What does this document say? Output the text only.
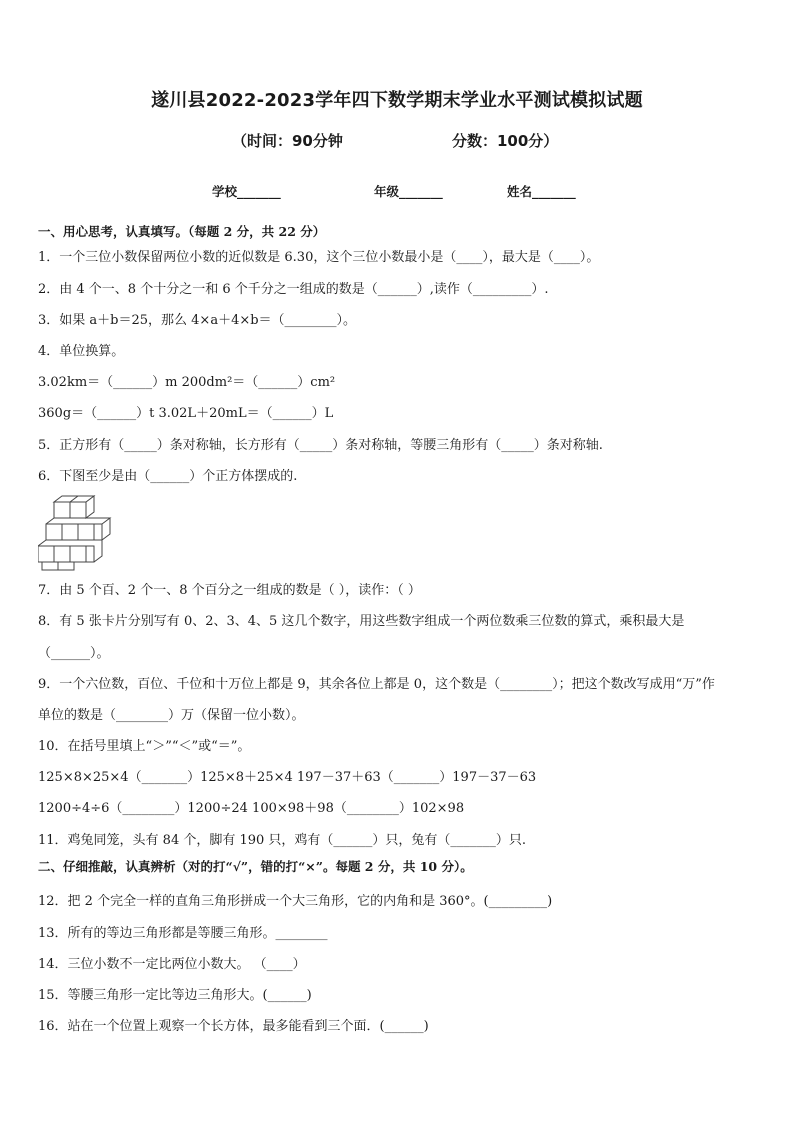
遂川县2022-2023学年四下数学期末学业水平测试模拟试题
（时间：90分钟	分数：100分）
学校_______	年级_______	姓名_______
一、用心思考，认真填写。（每题 2 分，共 22 分）
1．一个三位小数保留两位小数的近似数是 6.30，这个三位小数最小是（____），最大是（____）。
2．由 4 个一、8 个十分之一和 6 个千分之一组成的数是（______）,读作（_________）.
3．如果 a＋b＝25，那么 4×a＋4×b＝（________）。
4．单位换算。
3.02km＝（______）m 200dm²＝（______）cm²
360g＝（______）t 3.02L＋20mL＝（______）L
5．正方形有（_____）条对称轴，长方形有（_____）条对称轴，等腰三角形有（_____）条对称轴.
6．下图至少是由（______）个正方体摆成的.
7．由 5 个百、2 个一、8 个百分之一组成的数是（ ），读作：（ ）
8．有 5 张卡片分别写有 0、2、3、4、5 这几个数字，用这些数字组成一个两位数乘三位数的算式，乘积最大是
（______）。
9．一个六位数，百位、千位和十万位上都是 9，其余各位上都是 0，这个数是（________）；把这个数改写成用“万”作
单位的数是（________）万（保留一位小数）。
10．在括号里填上“＞”“＜”或“＝”。
125×8×25×4（_______）125×8＋25×4 197－37＋63（_______）197－37－63
1200÷4÷6（________）1200÷24 100×98＋98（________）102×98
11．鸡兔同笼，头有 84 个，脚有 190 只，鸡有（______）只，兔有（_______）只.
二、仔细推敲，认真辨析（对的打“√”，错的打“×”。每题 2 分，共 10 分）。
12．把 2 个完全一样的直角三角形拼成一个大三角形，它的内角和是 360°。(_________)
13．所有的等边三角形都是等腰三角形。________
14．三位小数不一定比两位小数大。 （____）
15．等腰三角形一定比等边三角形大。(______)
16．站在一个位置上观察一个长方体，最多能看到三个面．(______)
